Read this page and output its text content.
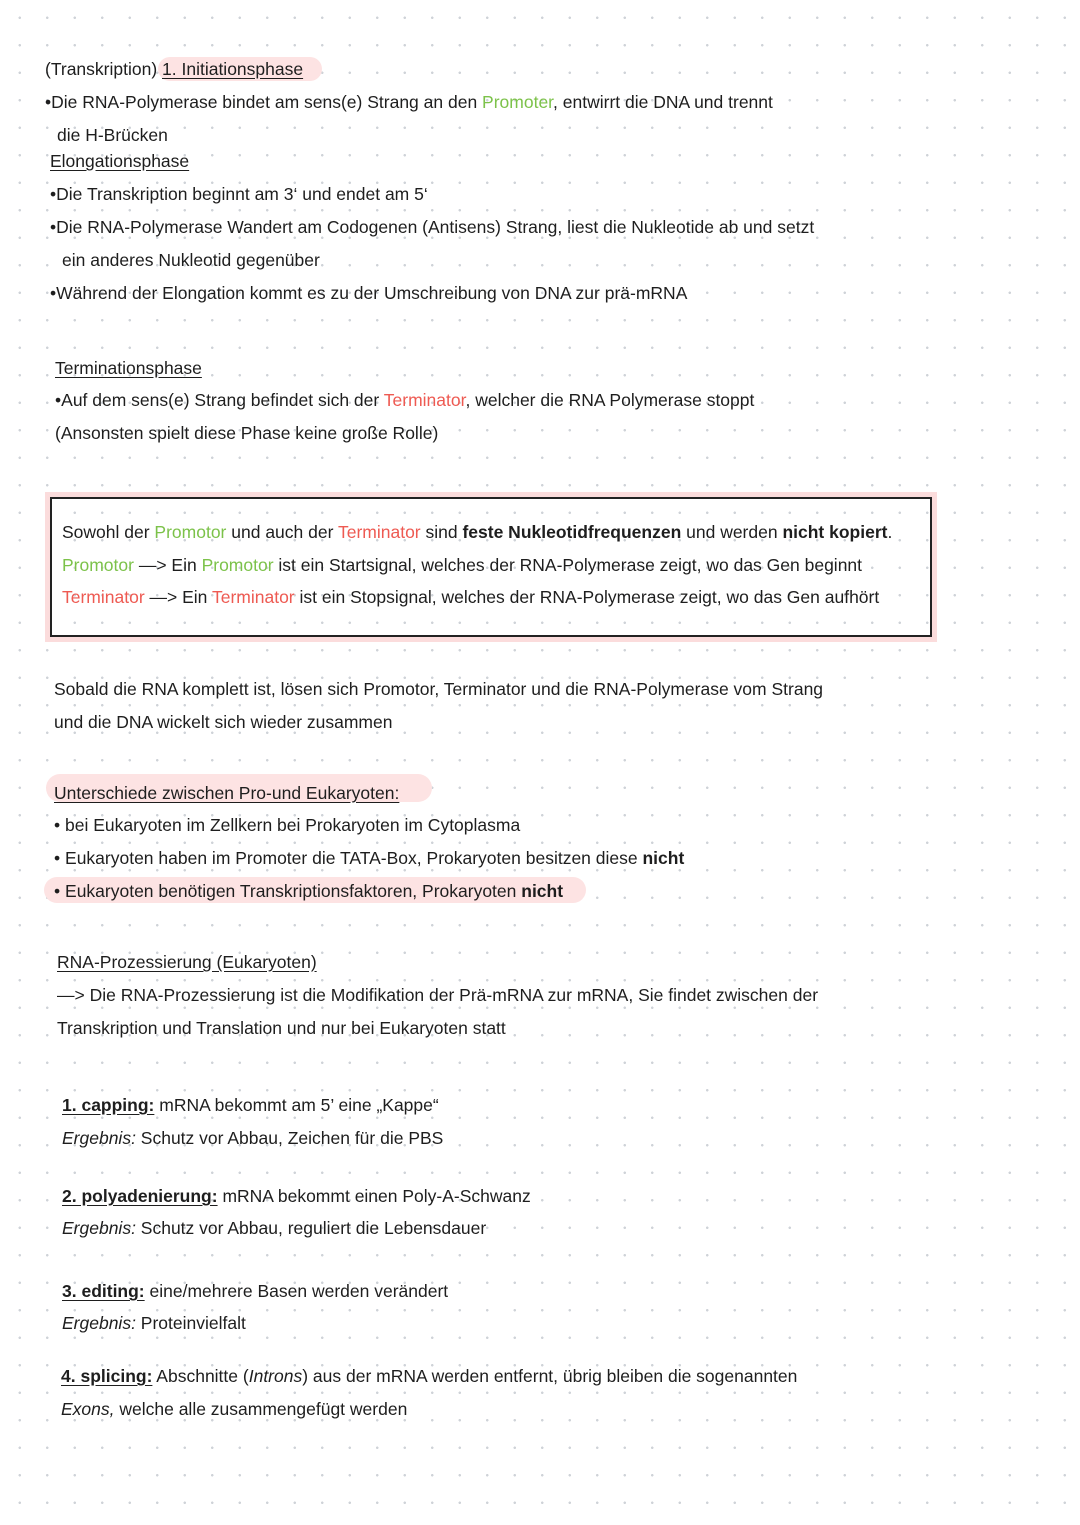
(Transkription) 1. Initiationsphase
•Die RNA-Polymerase bindet am sens(e) Strang an den Promoter, entwirrt die DNA und trennt
die H-Brücken
Elongationsphase
•Die Transkription beginnt am 3‘ und endet am 5‘
•Die RNA-Polymerase Wandert am Codogenen (Antisens) Strang, liest die Nukleotide ab und setzt
ein anderes Nukleotid gegenüber
•Während der Elongation kommt es zu der Umschreibung von DNA zur prä-mRNA
Terminationsphase
•Auf dem sens(e) Strang befindet sich der Terminator, welcher die RNA Polymerase stoppt
(Ansonsten spielt diese Phase keine große Rolle)
Sowohl der Promotor und auch der Terminator sind feste Nukleotidfrequenzen und werden nicht kopiert.
Promotor —> Ein Promotor ist ein Startsignal, welches der RNA-Polymerase zeigt, wo das Gen beginnt
Terminator —> Ein Terminator ist ein Stopsignal, welches der RNA-Polymerase zeigt, wo das Gen aufhört
Sobald die RNA komplett ist, lösen sich Promotor, Terminator und die RNA-Polymerase vom Strang
und die DNA wickelt sich wieder zusammen
Unterschiede zwischen Pro-und Eukaryoten:
• bei Eukaryoten im Zellkern bei Prokaryoten im Cytoplasma
• Eukaryoten haben im Promoter die TATA-Box, Prokaryoten besitzen diese nicht
• Eukaryoten benötigen Transkriptionsfaktoren, Prokaryoten nicht
RNA-Prozessierung (Eukaryoten)
—> Die RNA-Prozessierung ist die Modifikation der Prä-mRNA zur mRNA, Sie findet zwischen der
Transkription und Translation und nur bei Eukaryoten statt
1. capping: mRNA bekommt am 5’ eine „Kappe“
Ergebnis: Schutz vor Abbau, Zeichen für die PBS
2. polyadenierung: mRNA bekommt einen Poly-A-Schwanz
Ergebnis: Schutz vor Abbau, reguliert die Lebensdauer
3. editing: eine/mehrere Basen werden verändert
Ergebnis: Proteinvielfalt
4. splicing: Abschnitte (Introns) aus der mRNA werden entfernt, übrig bleiben die sogenannten
Exons, welche alle zusammengefügt werden
